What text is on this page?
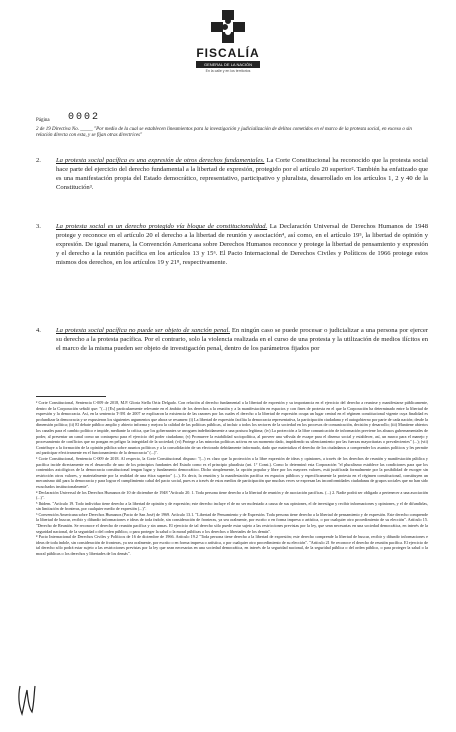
FISCALÍA
GENERAL DE LA NACIÓN
En la calle y en los territorios
Página 0002
2 de 19 Directiva No. _____ "Por medio de la cual se establecen lineamientos para la investigación y judicialización de delitos cometidos en el marco de la protesta social, en exceso o sin relación directa con esta, y se fijan otras directrices"
2. La protesta social pacífica es una expresión de otros derechos fundamentales. La Corte Constitucional ha reconocido que la protesta social hace parte del ejercicio del derecho fundamental a la libertad de expresión, protegido por el artículo 20 superior². También ha enfatizado que es una manifestación propia del Estado democrático, representativo, participativo y pluralista, desarrollado en los artículos 1, 2 y 40 de la Constitución³.
3. La protesta social es un derecho protegido vía bloque de constitucionalidad. La Declaración Universal de Derechos Humanos de 1948 protege y reconoce en el artículo 20 el derecho a la libertad de reunión y asociación⁴, así como, en el artículo 19⁵, la libertad de opinión y expresión. De igual manera, la Convención Americana sobre Derechos Humanos reconoce y protege la libertad de pensamiento y expresión y el derecho a la reunión pacífica en los artículos 13 y 15⁶. El Pacto Internacional de Derechos Civiles y Políticos de 1966 protege estos mismos dos derechos, en los artículos 19 y 21⁸, respectivamente.
4. La protesta social pacífica no puede ser objeto de sanción penal. En ningún caso se puede procesar o judicializar a una persona por ejercer su derecho a la protesta pacífica. Por el contrario, solo la violencia realizada en el curso de una protesta y la utilización de medios ilícitos en el marco de la misma pueden ser objeto de investigación penal, dentro de los parámetros fijados por

² Corte Constitucional, Sentencia C-009 de 2018, M.P. Gloria Stella Ortiz Delgado. Con relación al derecho fundamental a la libertad de expresión y su importancia en el ejercicio del derecho a reunirse y manifestarse públicamente, dentro de la Corporación señaló que: "(...) [Es] particularmente relevante en el ámbito de los derechos a la reunión y a la manifestación en espacios y con fines de protesta en el que la Corporación ha determinado entre la libertad de expresión y la democracia. Así, en la sentencia T-391 de 2007 se explicaron la existencia de las razones por las cuales el derecho a la libertad de expresión ocupa un lugar central en el régimen constitucional vigente cuya finalidad es profundizar la democracia y se expusieron los siguientes argumentos que ahora se resumen: (i) La libertad de expresión facilita la democracia representativa, la participación ciudadana y el autogobierno por parte de cada nación; desde la dimensión política; (ii) El debate público amplio y abierto informa y mejora la calidad de las políticas públicas, al incluir a todos los sectores de la sociedad en los procesos de comunicación, decisión y desarrollo; (iii) Mantiene abiertos los canales para el cambio político e impide, mediante la crítica, que los gobernantes se arroguen indefinidamente a una postura legítima; (iv) La protección a la libre comunicación de información previene los abusos gubernamentales de poder, al presentar un canal como un contrapeso para el ejercicio del poder ciudadano; (v) Promueve la estabilidad sociopolítica, al proveer una válvula de escape para el disenso social y establecer, así, un marco para el manejo y procesamiento de conflictos que no pongan en peligro la integridad de la sociedad; (vi) Protege a las minorías políticas activas en un momento dado, impidiendo su silenciamiento por las fuerzas mayoritarias o prevalecientes" (...); (vii) Contribuye a la formación de la opinión pública sobre asuntos políticos y a la consolidación de un electorado debidamente informado, dado que materializa el derecho de los ciudadanos a comprender los asuntos políticos y les permite así participar efectivamente en el funcionamiento de la democracia" (...)".

³ Corte Constitucional, Sentencia C-009 de 2018. Al respecto, la Corte Constitucional dispuso: "(...) es claro que la protección a la libre expresión de ideas y opiniones, a través de los derechos de reunión y manifestación pública y pacífica incide directamente en el desarrollo de uno de los principios fundantes del Estado como es el principio pluralista (art. 1° Const.). Como lo determinó esta Corporación "el pluralismo establece las condiciones para que los contenidos axiológicos de la democracia constitucional tengan lugar y fundamento democrático. Dicho simplemente, la opción popular y libre por los mayores valores, está justificada formalmente por la posibilidad de escoger sin restricción otros valores, y materialmente por la realidad de una ética superior" (...). Es decir, la reunión y la manifestación pacífica en espacios públicos y específicamente la protesta en el régimen constitucional, constituyen un mecanismo útil para la democracia y para lograr el cumplimiento cabal del pacto social, pues es a través de estos medios de participación que muchas veces se expresan las inconformidades ciudadanas de grupos sociales que no han sido escuchados institucionalmente".

⁴ Declaración Universal de los Derechos Humanos de 10 de diciembre de 1948 "Artículo 20. 1. Toda persona tiene derecho a la libertad de reunión y de asociación pacíficas. (...) 2. Nadie podrá ser obligado a pertenecer a una asociación (...)".

⁵ Ibidem. "Artículo 19. Todo individuo tiene derecho a la libertad de opinión y de expresión; este derecho incluye el de no ser molestado a causa de sus opiniones, el de investigar y recibir informaciones y opiniones, y el de difundirlas, sin limitación de fronteras, por cualquier medio de expresión (...)".

⁶ Convención Americana sobre Derechos Humanos (Pacto de San José) de 1969. Artículo 13.1. "Libertad de Pensamiento y de Expresión. Toda persona tiene derecho a la libertad de pensamiento y de expresión. Este derecho comprende la libertad de buscar, recibir y difundir informaciones e ideas de toda índole, sin consideración de fronteras, ya sea oralmente, por escrito o en forma impresa o artística, o por cualquier otro procedimiento de su elección". Artículo 15. "Derecho de Reunión. Se reconoce el derecho de reunión pacífica y sin armas. El ejercicio de tal derecho sólo puede estar sujeto a las restricciones previstas por la ley, que sean necesarias en una sociedad democrática, en interés de la seguridad nacional, de la seguridad o del orden público, o para proteger la salud o la moral públicas o los derechos o libertades de los demás".

⁸ Pacto Internacional de Derechos Civiles y Políticos de 16 de diciembre de 1966. Artículo 19.2 "Toda persona tiene derecho a la libertad de expresión; este derecho comprende la libertad de buscar, recibir y difundir informaciones e ideas de toda índole, sin consideración de fronteras, ya sea oralmente, por escrito o en forma impresa o artística, o por cualquier otro procedimiento de su elección". "Artículo 21 Se reconoce el derecho de reunión pacífica. El ejercicio de tal derecho sólo podrá estar sujeto a las restricciones previstas por la ley que sean necesarias en una sociedad democrática, en interés de la seguridad nacional, de la seguridad pública o del orden público, o para proteger la salud o la moral públicas o los derechos y libertades de los demás".
